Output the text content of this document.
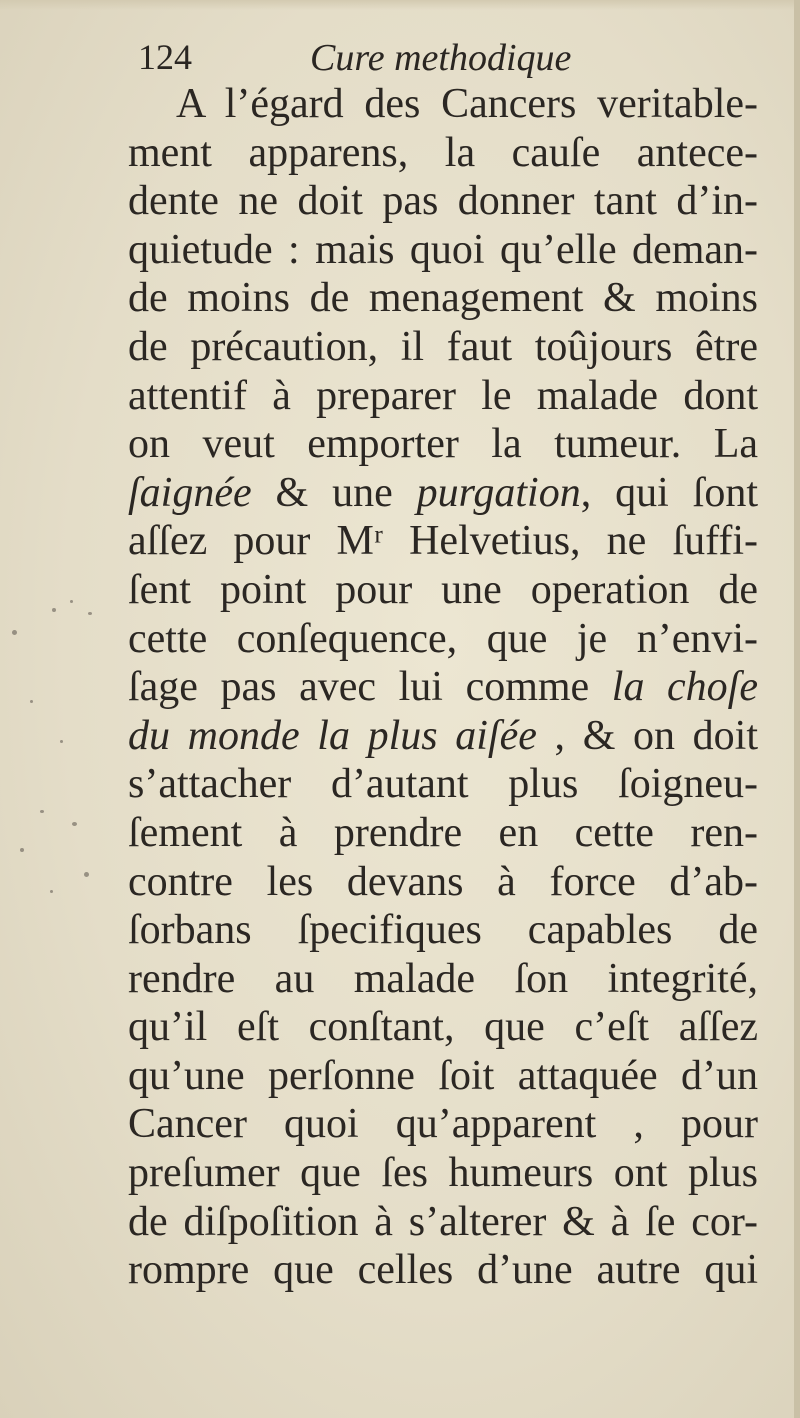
124	Cure methodique
A l’égard des Cancers veritable-
ment apparens, la cauſe antece-
dente ne doit pas donner tant d’in-
quietude : mais quoi qu’elle deman-
de moins de menagement & moins
de précaution, il faut toûjours être
attentif à preparer le malade dont
on veut emporter la tumeur. La
ſaignée & une purgation, qui ſont
aſſez pour Mʳ Helvetius, ne ſuffi-
ſent point pour une operation de
cette conſequence, que je n’envi-
ſage pas avec lui comme la choſe
du monde la plus aiſée , & on doit
s’attacher d’autant plus ſoigneu-
ſement à prendre en cette ren-
contre les devans à force d’ab-
ſorbans ſpecifiques capables de
rendre au malade ſon integrité,
qu’il eſt conſtant, que c’eſt aſſez
qu’une perſonne ſoit attaquée d’un
Cancer quoi qu’apparent , pour
preſumer que ſes humeurs ont plus
de diſpoſition à s’alterer & à ſe cor-
rompre que celles d’une autre qui
